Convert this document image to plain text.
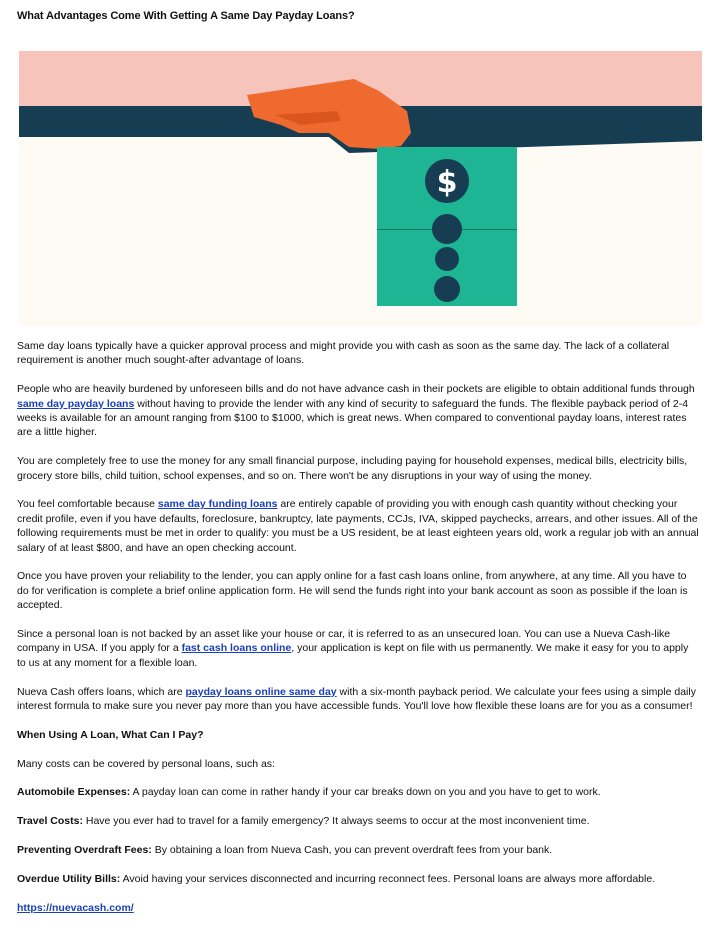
What Advantages Come With Getting A Same Day Payday Loans?
$

Same day loans typically have a quicker approval process and might provide you with cash as soon as the same day. The lack of a collateral requirement is another much sought-after advantage of loans.

People who are heavily burdened by unforeseen bills and do not have advance cash in their pockets are eligible to obtain additional funds through same day payday loans without having to provide the lender with any kind of security to safeguard the funds. The flexible payback period of 2-4 weeks is available for an amount ranging from $100 to $1000, which is great news. When compared to conventional payday loans, interest rates are a little higher.

You are completely free to use the money for any small financial purpose, including paying for household expenses, medical bills, electricity bills, grocery store bills, child tuition, school expenses, and so on. There won't be any disruptions in your way of using the money.

You feel comfortable because same day funding loans are entirely capable of providing you with enough cash quantity without checking your credit profile, even if you have defaults, foreclosure, bankruptcy, late payments, CCJs, IVA, skipped paychecks, arrears, and other issues. All of the following requirements must be met in order to qualify: you must be a US resident, be at least eighteen years old, work a regular job with an annual salary of at least $800, and have an open checking account.

Once you have proven your reliability to the lender, you can apply online for a fast cash loans online, from anywhere, at any time. All you have to do for verification is complete a brief online application form. He will send the funds right into your bank account as soon as possible if the loan is accepted.

Since a personal loan is not backed by an asset like your house or car, it is referred to as an unsecured loan. You can use a Nueva Cash-like company in USA. If you apply for a fast cash loans online, your application is kept on file with us permanently. We make it easy for you to apply to us at any moment for a flexible loan.

Nueva Cash offers loans, which are payday loans online same day with a six-month payback period. We calculate your fees using a simple daily interest formula to make sure you never pay more than you have accessible funds. You'll love how flexible these loans are for you as a consumer!

When Using A Loan, What Can I Pay?

Many costs can be covered by personal loans, such as:

Automobile Expenses: A payday loan can come in rather handy if your car breaks down on you and you have to get to work.

Travel Costs: Have you ever had to travel for a family emergency? It always seems to occur at the most inconvenient time.

Preventing Overdraft Fees: By obtaining a loan from Nueva Cash, you can prevent overdraft fees from your bank.

Overdue Utility Bills: Avoid having your services disconnected and incurring reconnect fees. Personal loans are always more affordable.

https://nuevacash.com/
